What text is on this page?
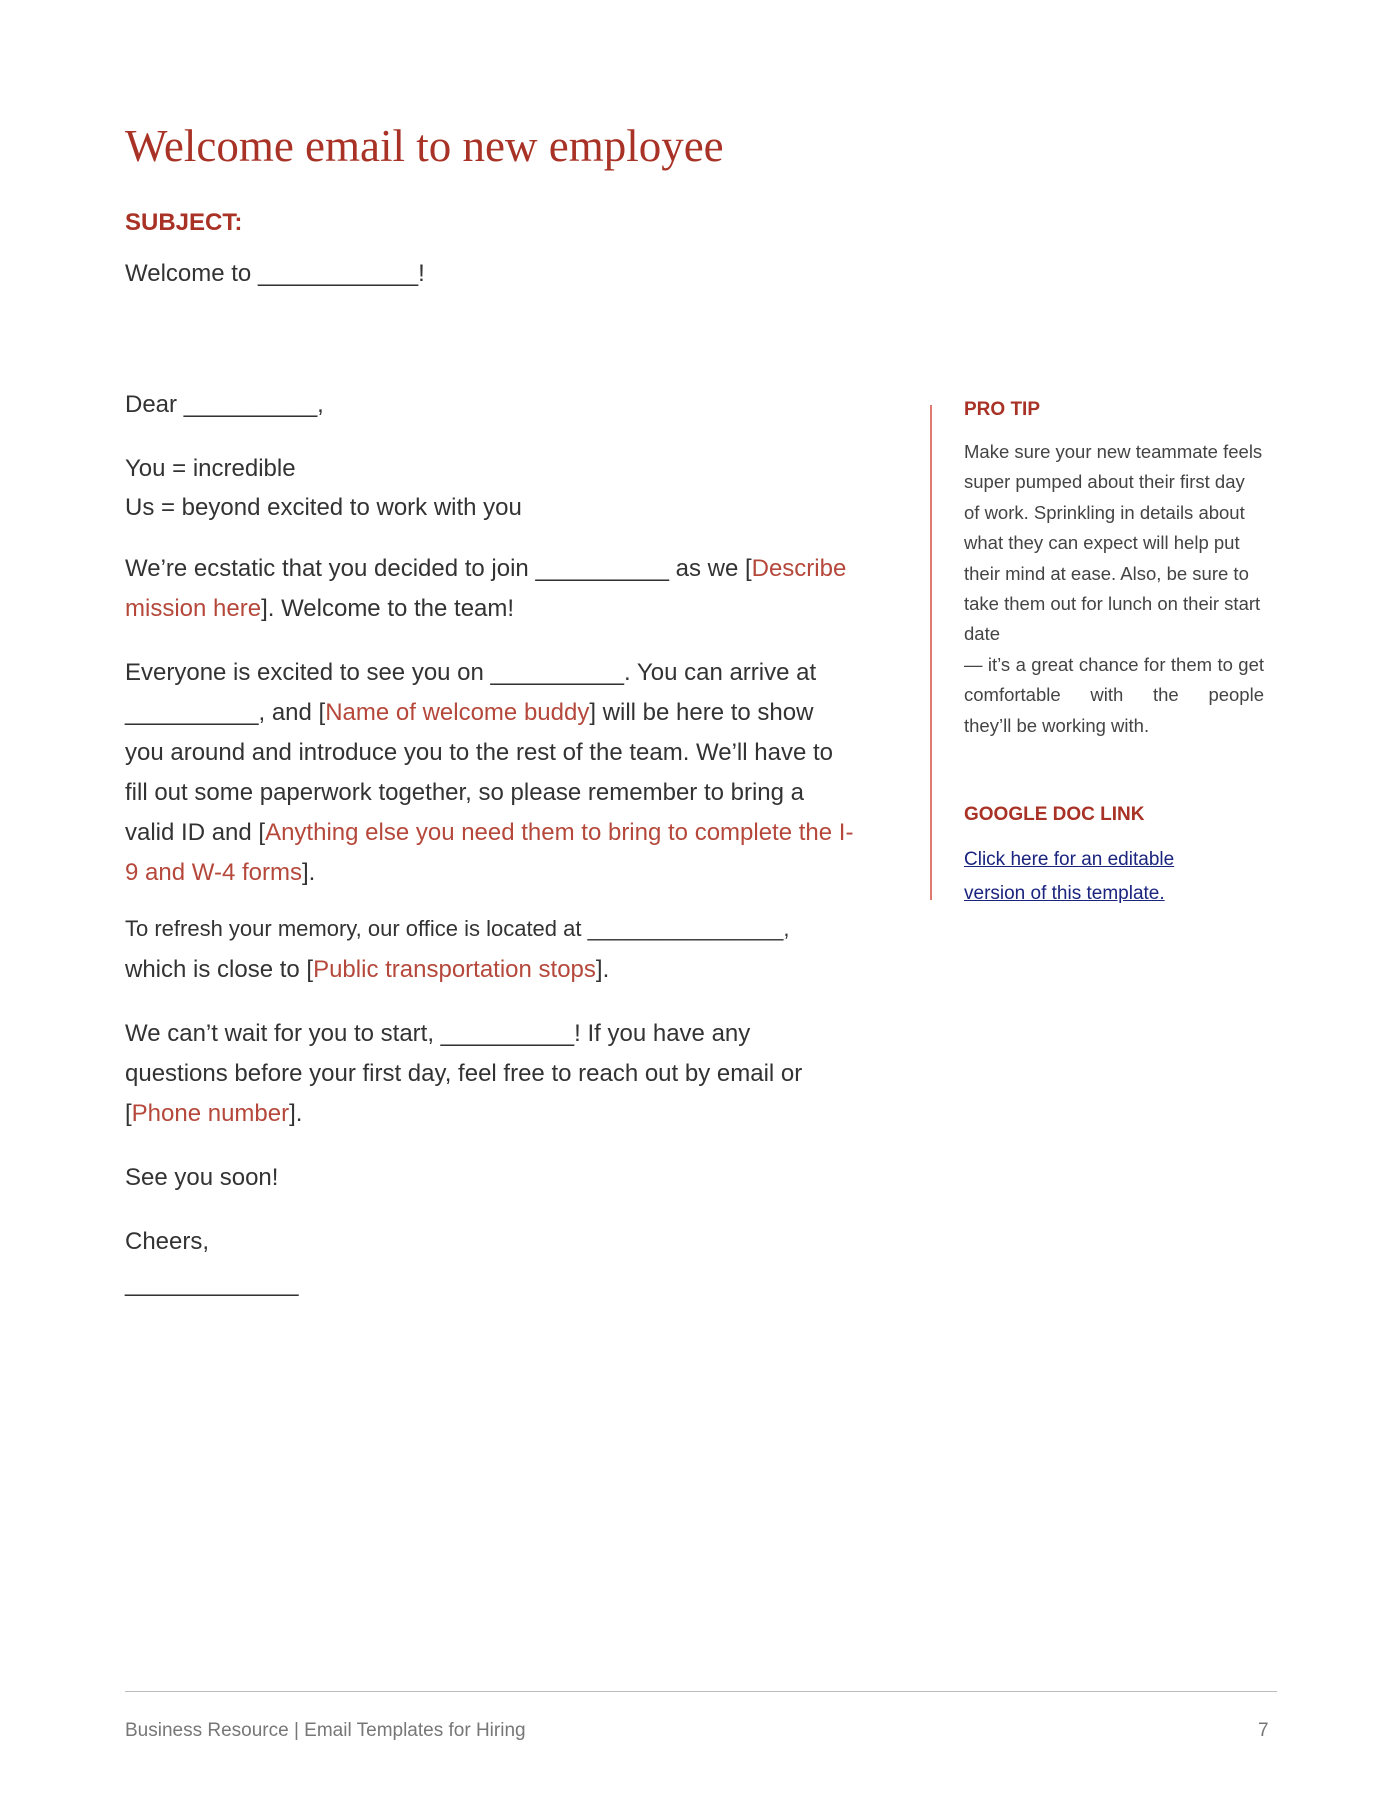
Welcome email to new employee
SUBJECT:

Welcome to ____________!

Dear __________,

You = incredible

Us = beyond excited to work with you

We’re ecstatic that you decided to join __________ as we [Describe mission here]. Welcome to the team!

Everyone is excited to see you on __________. You can arrive at __________, and [Name of welcome buddy] will be here to show you around and introduce you to the rest of the team. We’ll have to fill out some paperwork together, so please remember to bring a valid ID and [Anything else you need them to bring to complete the I-9 and W-4 forms].

To refresh your memory, our office is located at ________________,

which is close to [Public transportation stops].

We can’t wait for you to start, __________! If you have any questions before your first day, feel free to reach out by email or [Phone number].

See you soon!

Cheers,

_____________

PRO TIP

Make sure your new teammate feels super pumped about their first day of work. Sprinkling in details about what they can expect will help put their mind at ease. Also, be sure to take them out for lunch on their start date
— it’s a great chance for them to get comfortable with the people
they’ll be working with.

GOOGLE DOC LINK

Click here for an editable version of this template.

Business Resource | Email Templates for Hiring	7
